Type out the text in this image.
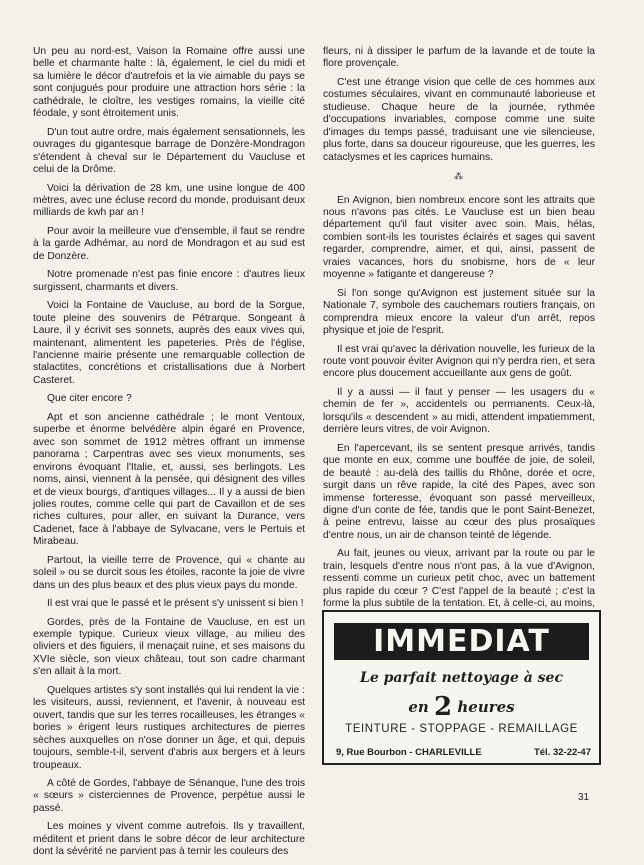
Un peu au nord-est, Vaison la Romaine offre aussi une belle et charmante halte : là, également, le ciel du midi et sa lumière le décor d'autrefois et la vie aimable du pays se sont conjugués pour produire une attraction hors série : la cathédrale, le cloître, les vestiges romains, la vieille cité féodale, y sont étroitement unis.

D'un tout autre ordre, mais également sensationnels, les ouvrages du gigantesque barrage de Donzère-Mondragon s'étendent à cheval sur le Département du Vaucluse et celui de la Drôme.

Voici la dérivation de 28 km, une usine longue de 400 mètres, avec une écluse record du monde, produisant deux milliards de kwh par an !

Pour avoir la meilleure vue d'ensemble, il faut se rendre à la garde Adhémar, au nord de Mondragon et au sud est de Donzère.

Notre promenade n'est pas finie encore : d'autres lieux surgissent, charmants et divers.

Voici la Fontaine de Vaucluse, au bord de la Sorgue, toute pleine des souvenirs de Pétrarque. Songeant à Laure, il y écrivit ses sonnets, auprès des eaux vives qui, maintenant, alimentent les papeteries. Près de l'église, l'ancienne mairie présente une remarquable collection de stalactites, concrétions et cristallisations due à Norbert Casteret.

Que citer encore ?

Apt et son ancienne cathédrale ; le mont Ventoux, superbe et énorme belvédère alpin égaré en Provence, avec son sommet de 1912 mètres offrant un immense panorama ; Carpentras avec ses vieux monuments, ses environs évoquant l'Italie, et, aussi, ses berlingots. Les noms, ainsi, viennent à la pensée, qui désignent des villes et de vieux bourgs, d'antiques villages... Il y a aussi de bien jolies routes, comme celle qui part de Cavaillon et de ses riches cultures, pour aller, en suivant la Durance, vers Cadenet, face à l'abbaye de Sylvacane, vers le Pertuis et Mirabeau.

Partout, la vieille terre de Provence, qui « chante au soleil » ou se durcit sous les étoiles, raconte la joie de vivre dans un des plus beaux et des plus vieux pays du monde.

Il est vrai que le passé et le présent s'y unissent si bien !

Gordes, près de la Fontaine de Vaucluse, en est un exemple typique. Curieux vieux village, au milieu des oliviers et des figuiers, il menaçait ruine, et ses maisons du XVIe siècle, son vieux château, tout son cadre charmant s'en allait à la mort.

Quelques artistes s'y sont installés qui lui rendent la vie : les visiteurs, aussi, reviennent, et l'avenir, à nouveau est ouvert, tandis que sur les terres rocailleuses, les étranges « bories » érigent leurs rustiques architectures de pierres sèches auxquelles on n'ose donner un âge, et qui, depuis toujours, semble-t-il, servent d'abris aux bergers et à leurs troupeaux.

A côté de Gordes, l'abbaye de Sénanque, l'une des trois « sœurs » cisterciennes de Provence, perpétue aussi le passé.

Les moines y vivent comme autrefois. Ils y travaillent, méditent et prient dans le sobre décor de leur architecture dont la sévérité ne parvient pas à ternir les couleurs des

fleurs, ni à dissiper le parfum de la lavande et de toute la flore provençale.

C'est une étrange vision que celle de ces hommes aux costumes séculaires, vivant en communauté laborieuse et studieuse. Chaque heure de la journée, rythmée d'occupations invariables, compose comme une suite d'images du temps passé, traduisant une vie silencieuse, plus forte, dans sa douceur rigoureuse, que les guerres, les cataclysmes et les caprices humains.

⁂

En Avignon, bien nombreux encore sont les attraits que nous n'avons pas cités. Le Vaucluse est un bien beau département qu'il faut visiter avec soin. Mais, hélas, combien sont-ils les touristes éclairés et sages qui savent regarder, comprendre, aimer, et qui, ainsi, passent de vraies vacances, hors du snobisme, hors de « leur moyenne » fatigante et dangereuse ?

Si l'on songe qu'Avignon est justement située sur la Nationale 7, symbole des cauchemars routiers français, on comprendra mieux encore la valeur d'un arrêt, repos physique et joie de l'esprit.

Il est vrai qu'avec la dérivation nouvelle, les furieux de la route vont pouvoir éviter Avignon qui n'y perdra rien, et sera encore plus doucement accueillante aux gens de goût.

Il y a aussi — il faut y penser — les usagers du « chemin de fer », accidentels ou permanents. Ceux-là, lorsqu'ils « descendent » au midi, attendent impatiemment, derrière leurs vitres, de voir Avignon.

En l'apercevant, ils se sentent presque arrivés, tandis que monte en eux, comme une bouffée de joie, de soleil, de beauté : au-delà des taillis du Rhône, dorée et ocre, surgit dans un rêve rapide, la cité des Papes, avec son immense forteresse, évoquant son passé merveilleux, digne d'un conte de fée, tandis que le pont Saint-Benezet, à peine entrevu, laisse au cœur des plus prosaïques d'entre nous, un air de chanson teinté de légende.

Au fait, jeunes ou vieux, arrivant par la route ou par le train, lesquels d'entre nous n'ont pas, à la vue d'Avignon, ressenti comme un curieux petit choc, avec un battement plus rapide du cœur ? C'est l'appel de la beauté ; c'est la forme la plus subtile de la tentation. Et, à celle-ci, au moins,

IMMEDIAT
Le parfait nettoyage à sec
en 2 heures
TEINTURE - STOPPAGE - REMAILLAGE
9, Rue Bourbon - CHARLEVILLE	Tél. 32-22-47
31
